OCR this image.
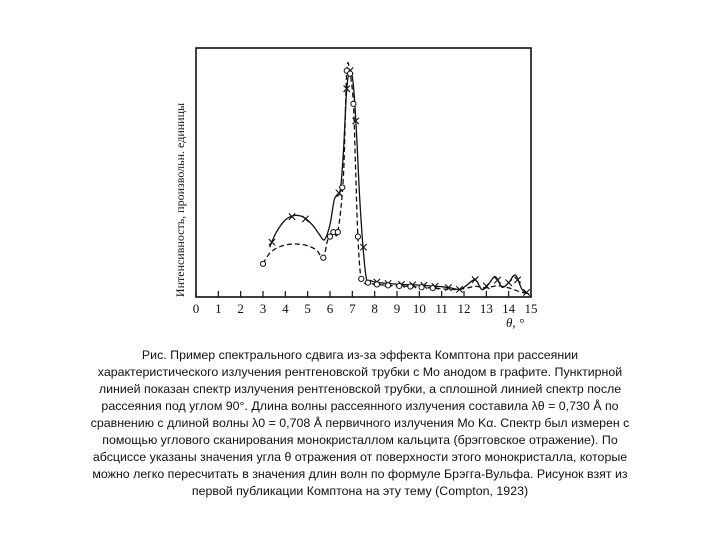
0 1 2 3 4 5 6 7 8 9 10 11 12 13 14 15
Интенсивность, произвольн. единицы
θ, °
Рис. Пример спектрального сдвига из-за эффекта Комптона при рассеянии
характеристического излучения рентгеновской трубки с Mo анодом в графите. Пунктирной
линией показан спектр излучения рентгеновской трубки, а сплошной линией спектр после
рассеяния под углом 90°. Длина волны рассеянного излучения составила λθ = 0,730 Å по
сравнению с длиной волны λ0 = 0,708 Å первичного излучения Mo Kα. Спектр был измерен с
помощью углового сканирования монокристаллом кальцита (брэгговское отражение). По
абсциссе указаны значения угла θ отражения от поверхности этого монокристалла, которые
можно легко пересчитать в значения длин волн по формуле Брэгга-Вульфа. Рисунок взят из
первой публикации Комптона на эту тему (Compton, 1923)
